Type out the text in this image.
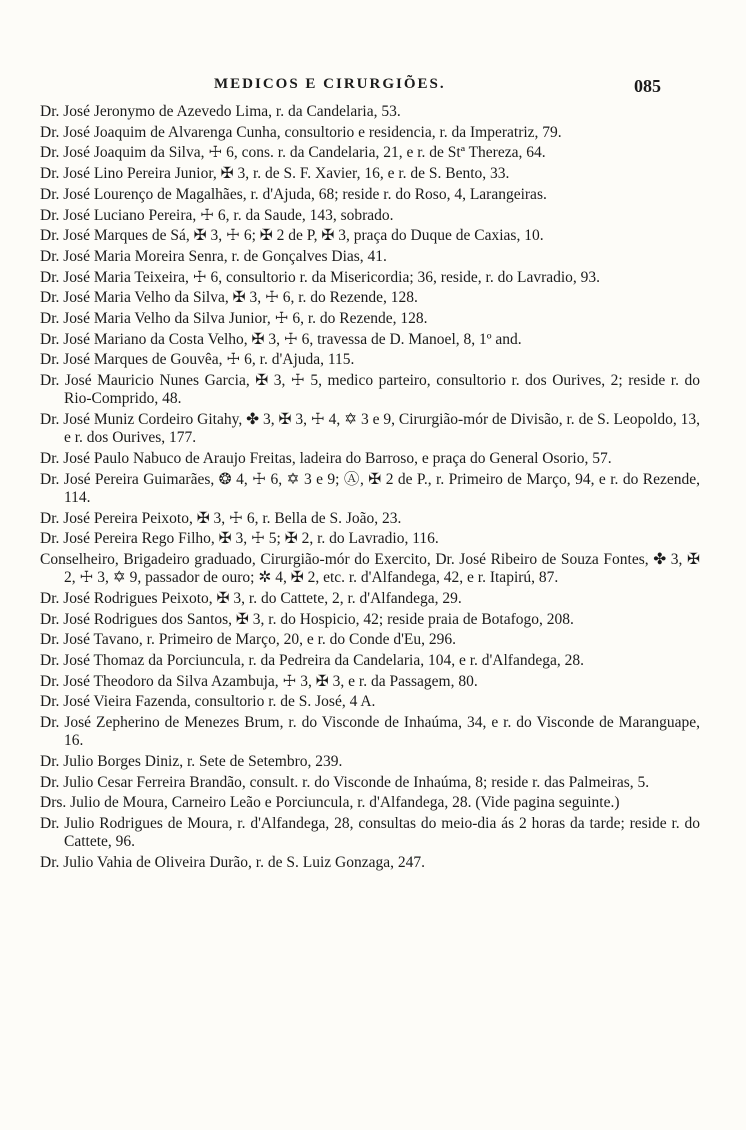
MEDICOS E CIRURGIÕES.	085

Dr. José Jeronymo de Azevedo Lima, r. da Candelaria, 53.

Dr. José Joaquim de Alvarenga Cunha, consultorio e residencia, r. da Imperatriz, 79.

Dr. José Joaquim da Silva, ☩ 6, cons. r. da Candelaria, 21, e r. de Stª Thereza, 64.

Dr. José Lino Pereira Junior, ✠ 3, r. de S. F. Xavier, 16, e r. de S. Bento, 33.

Dr. José Lourenço de Magalhães, r. d'Ajuda, 68; reside r. do Roso, 4, Larangeiras.

Dr. José Luciano Pereira, ☩ 6, r. da Saude, 143, sobrado.

Dr. José Marques de Sá, ✠ 3, ☩ 6; ✠ 2 de P, ✠ 3, praça do Duque de Caxias, 10.

Dr. José Maria Moreira Senra, r. de Gonçalves Dias, 41.

Dr. José Maria Teixeira, ☩ 6, consultorio r. da Misericordia; 36, reside, r. do Lavradio, 93.

Dr. José Maria Velho da Silva, ✠ 3, ☩ 6, r. do Rezende, 128.

Dr. José Maria Velho da Silva Junior, ☩ 6, r. do Rezende, 128.

Dr. José Mariano da Costa Velho, ✠ 3, ☩ 6, travessa de D. Manoel, 8, 1º and.

Dr. José Marques de Gouvêa, ☩ 6, r. d'Ajuda, 115.

Dr. José Mauricio Nunes Garcia, ✠ 3, ☩ 5, medico parteiro, consultorio r. dos Ourives, 2; reside r. do Rio-Comprido, 48.

Dr. José Muniz Cordeiro Gitahy, ✤ 3, ✠ 3, ☩ 4, ✡ 3 e 9, Cirurgião-mór de Divisão, r. de S. Leopoldo, 13, e r. dos Ourives, 177.

Dr. José Paulo Nabuco de Araujo Freitas, ladeira do Barroso, e praça do General Osorio, 57.

Dr. José Pereira Guimarães, ❂ 4, ☩ 6, ✡ 3 e 9; Ⓐ, ✠ 2 de P., r. Primeiro de Março, 94, e r. do Rezende, 114.

Dr. José Pereira Peixoto, ✠ 3, ☩ 6, r. Bella de S. João, 23.

Dr. José Pereira Rego Filho, ✠ 3, ☩ 5; ✠ 2, r. do Lavradio, 116.

Conselheiro, Brigadeiro graduado, Cirurgião-mór do Exercito, Dr. José Ribeiro de Souza Fontes, ✤ 3, ✠ 2, ☩ 3, ✡ 9, passador de ouro; ✲ 4, ✠ 2, etc. r. d'Alfandega, 42, e r. Itapirú, 87.

Dr. José Rodrigues Peixoto, ✠ 3, r. do Cattete, 2, r. d'Alfandega, 29.

Dr. José Rodrigues dos Santos, ✠ 3, r. do Hospicio, 42; reside praia de Botafogo, 208.

Dr. José Tavano, r. Primeiro de Março, 20, e r. do Conde d'Eu, 296.

Dr. José Thomaz da Porciuncula, r. da Pedreira da Candelaria, 104, e r. d'Alfandega, 28.

Dr. José Theodoro da Silva Azambuja, ☩ 3, ✠ 3, e r. da Passagem, 80.

Dr. José Vieira Fazenda, consultorio r. de S. José, 4 A.

Dr. José Zepherino de Menezes Brum, r. do Visconde de Inhaúma, 34, e r. do Visconde de Maranguape, 16.

Dr. Julio Borges Diniz, r. Sete de Setembro, 239.

Dr. Julio Cesar Ferreira Brandão, consult. r. do Visconde de Inhaúma, 8; reside r. das Palmeiras, 5.

Drs. Julio de Moura, Carneiro Leão e Porciuncula, r. d'Alfandega, 28. (Vide pagina seguinte.)

Dr. Julio Rodrigues de Moura, r. d'Alfandega, 28, consultas do meio-dia ás 2 horas da tarde; reside r. do Cattete, 96.

Dr. Julio Vahia de Oliveira Durão, r. de S. Luiz Gonzaga, 247.
